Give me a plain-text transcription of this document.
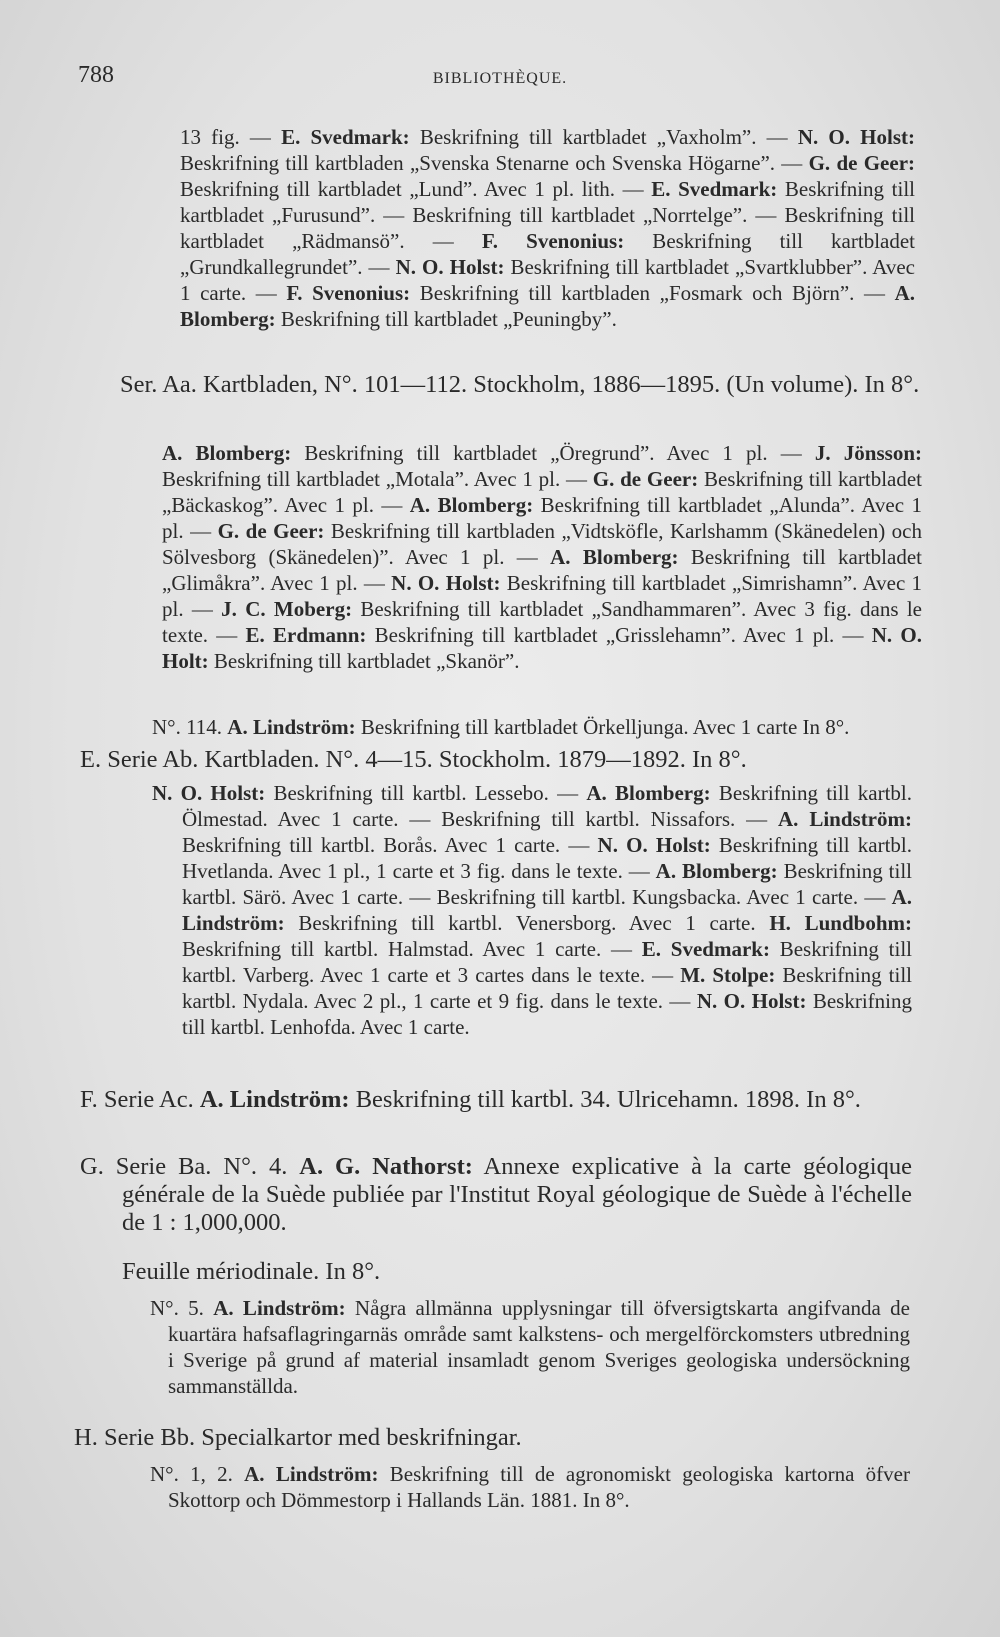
788	BIBLIOTHÈQUE.

13 fig. — E. Svedmark: Beskrifning till kartbladet „Vaxholm”. — N. O. Holst: Beskrifning till kartbladen „Svenska Stenarne och Svenska Högarne”. — G. de Geer: Beskrifning till kartbladet „Lund”. Avec 1 pl. lith. — E. Svedmark: Beskrifning till kartbladet „Furusund”. — Beskrifning till kartbladet „Norrtelge”. — Beskrifning till kartbladet „Rädmansö”. — F. Svenonius: Beskrifning till kartbladet „Grundkallegrundet”. — N. O. Holst: Beskrifning till kartbladet „Svartklubber”. Avec 1 carte. — F. Svenonius: Beskrifning till kartbladen „Fosmark och Björn”. — A. Blomberg: Beskrifning till kartbladet „Peuningby”.

Ser. Aa. Kartbladen, N°. 101—112. Stockholm, 1886—1895. (Un volume). In 8°.

A. Blomberg: Beskrifning till kartbladet „Öregrund”. Avec 1 pl. — J. Jönsson: Beskrifning till kartbladet „Motala”. Avec 1 pl. — G. de Geer: Beskrifning till kartbladet „Bäckaskog”. Avec 1 pl. — A. Blomberg: Beskrifning till kartbladet „Alunda”. Avec 1 pl. — G. de Geer: Beskrifning till kartbladen „Vidtsköfle, Karlshamm (Skänedelen) och Sölvesborg (Skänedelen)”. Avec 1 pl. — A. Blomberg: Beskrifning till kartbladet „Glimåkra”. Avec 1 pl. — N. O. Holst: Beskrifning till kartbladet „Simrishamn”. Avec 1 pl. — J. C. Moberg: Beskrifning till kartbladet „Sandhammaren”. Avec 3 fig. dans le texte. — E. Erdmann: Beskrifning till kartbladet „Grisslehamn”. Avec 1 pl. — N. O. Holt: Beskrifning till kartbladet „Skanör”.

N°. 114. A. Lindström: Beskrifning till kartbladet Örkelljunga. Avec 1 carte In 8°.

E. Serie Ab. Kartbladen. N°. 4—15. Stockholm. 1879—1892. In 8°.

N. O. Holst: Beskrifning till kartbl. Lessebo. — A. Blomberg: Beskrifning till kartbl. Ölmestad. Avec 1 carte. — Beskrifning till kartbl. Nissafors. — A. Lindström: Beskrifning till kartbl. Borås. Avec 1 carte. — N. O. Holst: Beskrifning till kartbl. Hvetlanda. Avec 1 pl., 1 carte et 3 fig. dans le texte. — A. Blomberg: Beskrifning till kartbl. Särö. Avec 1 carte. — Beskrifning till kartbl. Kungsbacka. Avec 1 carte. — A. Lindström: Beskrifning till kartbl. Venersborg. Avec 1 carte. H. Lundbohm: Beskrifning till kartbl. Halmstad. Avec 1 carte. — E. Svedmark: Beskrifning till kartbl. Varberg. Avec 1 carte et 3 cartes dans le texte. — M. Stolpe: Beskrifning till kartbl. Nydala. Avec 2 pl., 1 carte et 9 fig. dans le texte. — N. O. Holst: Beskrifning till kartbl. Lenhofda. Avec 1 carte.

F. Serie Ac. A. Lindström: Beskrifning till kartbl. 34. Ulricehamn. 1898. In 8°.

G. Serie Ba. N°. 4. A. G. Nathorst: Annexe explicative à la carte géologique générale de la Suède publiée par l'Institut Royal géologique de Suède à l'échelle de 1 : 1,000,000.

Feuille mériodinale. In 8°.

N°. 5. A. Lindström: Några allmänna upplysningar till öfversigtskarta angifvanda de kuartära hafsaflagringarnäs område samt kalkstens- och mergelförckomsters utbredning i Sverige på grund af material insamladt genom Sveriges geologiska undersöckning sammanställda.

H. Serie Bb. Specialkartor med beskrifningar.

N°. 1, 2. A. Lindström: Beskrifning till de agronomiskt geologiska kartorna öfver Skottorp och Dömmestorp i Hallands Län. 1881. In 8°.
